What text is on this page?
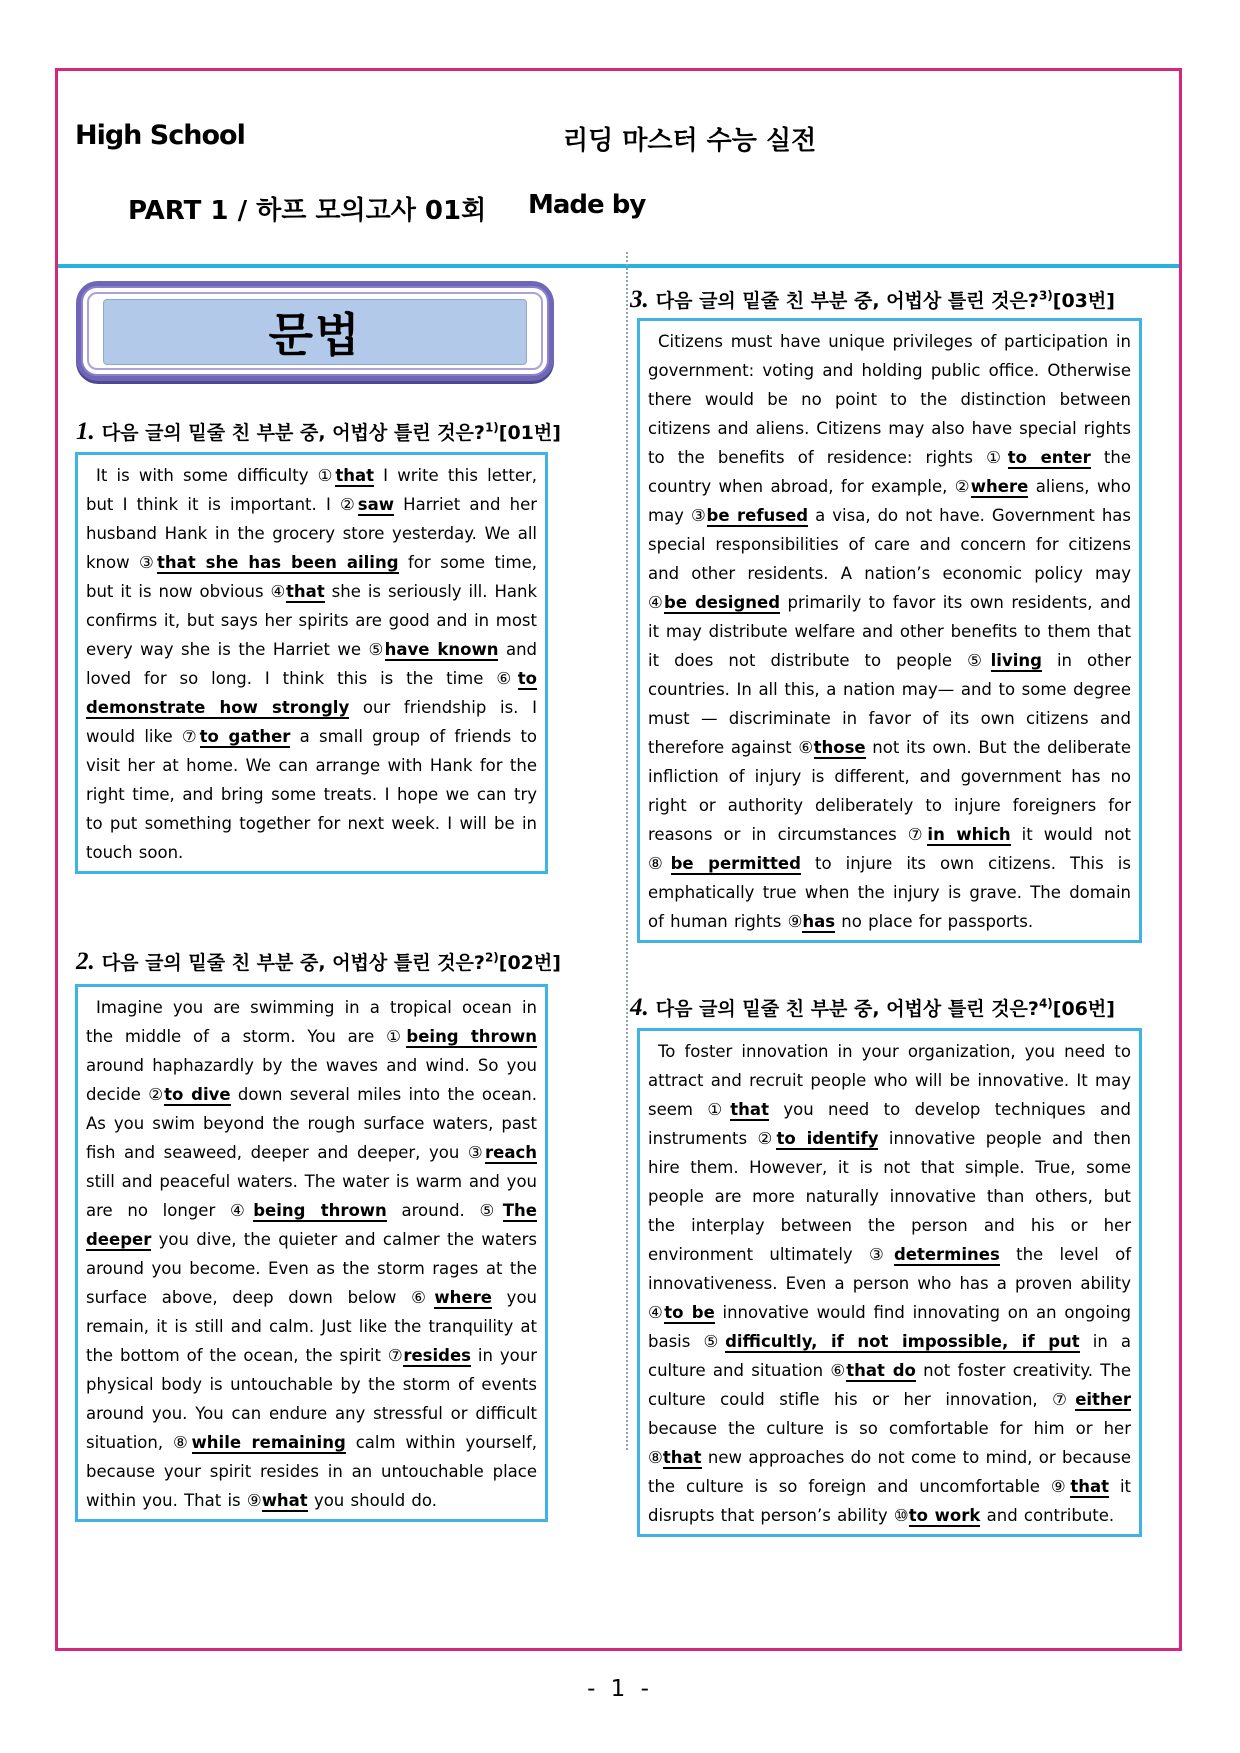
High School	리딩 마스터 수능 실전
PART 1 / 하프 모의고사 01회 Made by
문법
1. 다음 글의 밑줄 친 부분 중, 어법상 틀린 것은?$^{1)}$[01번]

It is with some difficulty ①that I write this letter, but I think it is important. I ②saw Harriet and her husband Hank in the grocery store yesterday. We all know ③that she has been ailing for some time, but it is now obvious ④that she is seriously ill. Hank confirms it, but says her spirits are good and in most every way she is the Harriet we ⑤have known and loved for so long. I think this is the time ⑥to demonstrate how strongly our friendship is. I would like ⑦to gather a small group of friends to visit her at home. We can arrange with Hank for the right time, and bring some treats. I hope we can try to put something together for next week. I will be in touch soon.

2. 다음 글의 밑줄 친 부분 중, 어법상 틀린 것은?$^{2)}$[02번]

Imagine you are swimming in a tropical ocean in the middle of a storm. You are ①being thrown around haphazardly by the waves and wind. So you decide ②to dive down several miles into the ocean. As you swim beyond the rough surface waters, past fish and seaweed, deeper and deeper, you ③reach still and peaceful waters. The water is warm and you are no longer ④being thrown around. ⑤The deeper you dive, the quieter and calmer the waters around you become. Even as the storm rages at the surface above, deep down below ⑥where you remain, it is still and calm. Just like the tranquility at the bottom of the ocean, the spirit ⑦resides in your physical body is untouchable by the storm of events around you. You can endure any stressful or difficult situation, ⑧while remaining calm within yourself, because your spirit resides in an untouchable place within you. That is ⑨what you should do.

3. 다음 글의 밑줄 친 부분 중, 어법상 틀린 것은?$^{3)}$[03번]

Citizens must have unique privileges of participation in government: voting and holding public office. Otherwise there would be no point to the distinction between citizens and aliens. Citizens may also have special rights to the benefits of residence: rights ①to enter the country when abroad, for example, ②where aliens, who may ③be refused a visa, do not have. Government has special responsibilities of care and concern for citizens and other residents. A nation’s economic policy may ④be designed primarily to favor its own residents, and it may distribute welfare and other benefits to them that it does not distribute to people ⑤living in other countries. In all this, a nation may— and to some degree must — discriminate in favor of its own citizens and therefore against ⑥those not its own. But the deliberate infliction of injury is different, and government has no right or authority deliberately to injure foreigners for reasons or in circumstances ⑦in which it would not ⑧be permitted to injure its own citizens. This is emphatically true when the injury is grave. The domain of human rights ⑨has no place for passports.

4. 다음 글의 밑줄 친 부분 중, 어법상 틀린 것은?$^{4)}$[06번]

To foster innovation in your organization, you need to attract and recruit people who will be innovative. It may seem ①that you need to develop techniques and instruments ②to identify innovative people and then hire them. However, it is not that simple. True, some people are more naturally innovative than others, but the interplay between the person and his or her environment ultimately ③determines the level of innovativeness. Even a person who has a proven ability ④to be innovative would find innovating on an ongoing basis ⑤difficultly, if not impossible, if put in a culture and situation ⑥that do not foster creativity. The culture could stifle his or her innovation, ⑦either because the culture is so comfortable for him or her ⑧that new approaches do not come to mind, or because the culture is so foreign and uncomfortable ⑨that it disrupts that person’s ability ⑩to work and contribute.

- 1 -
